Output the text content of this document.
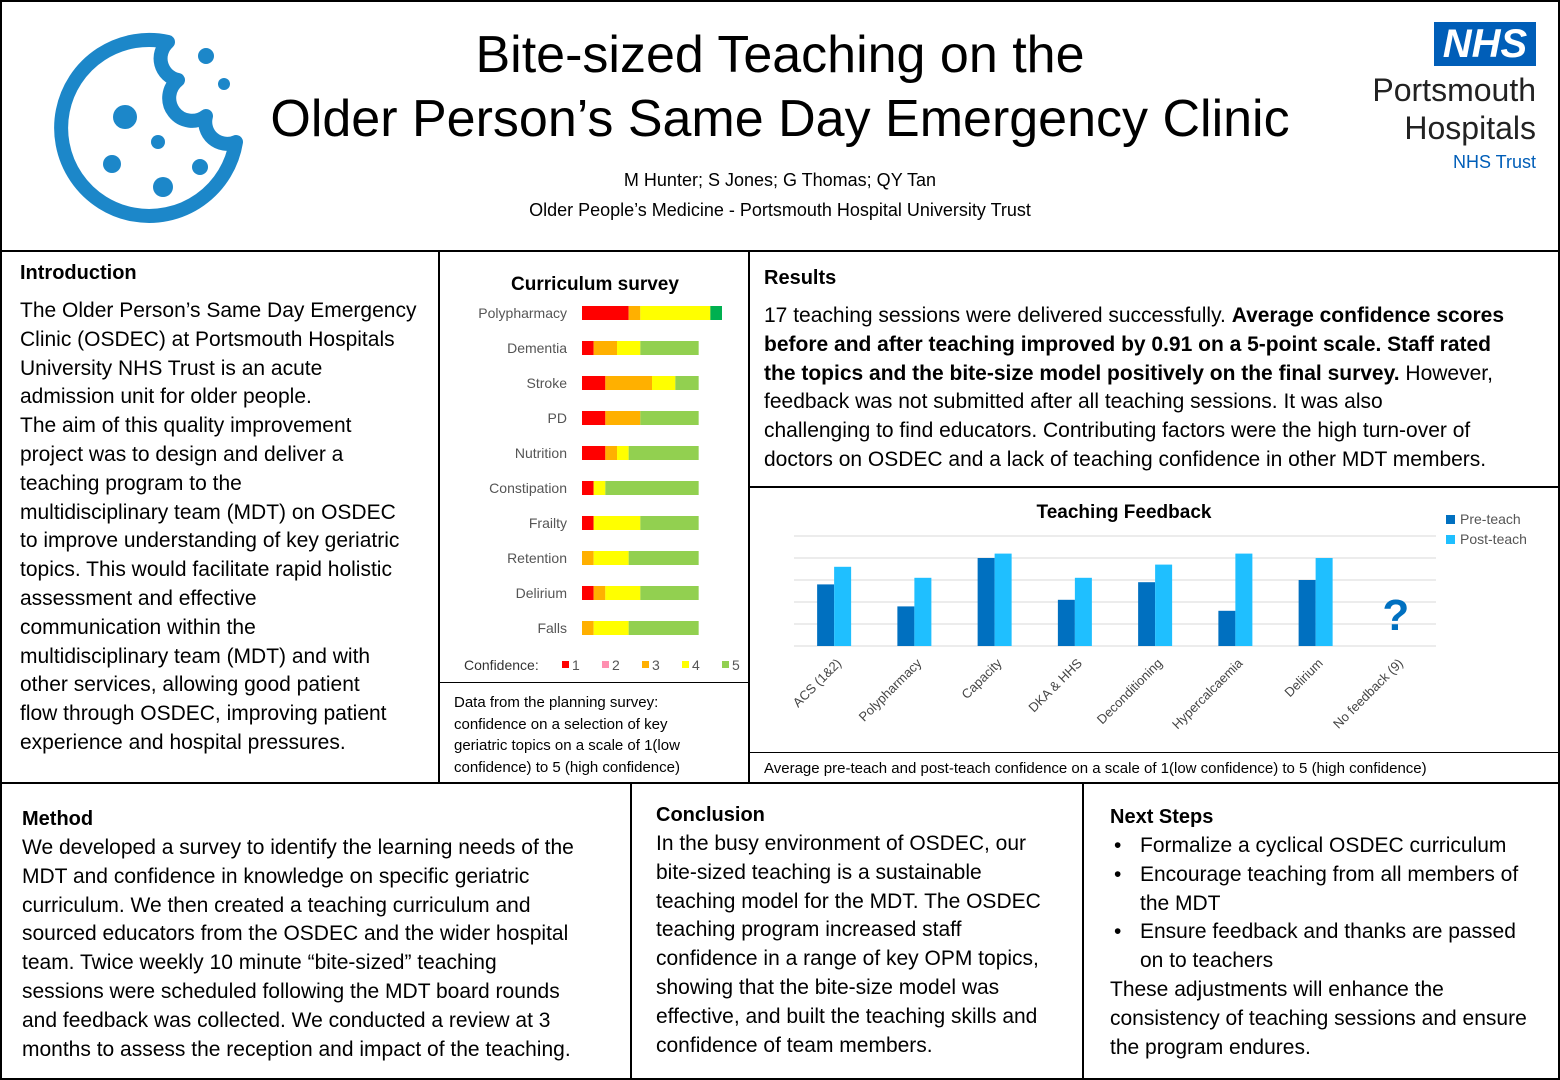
Bite-sized Teaching on the
Older Person’s Same Day Emergency Clinic
M Hunter; S Jones; G Thomas; QY Tan
Older People’s Medicine - Portsmouth Hospital University Trust
NHS
Portsmouth
Hospitals
NHS Trust
Introduction
The Older Person’s Same Day Emergency
Clinic (OSDEC) at Portsmouth Hospitals
University NHS Trust is an acute
admission unit for older people.
The aim of this quality improvement
project was to design and deliver a
teaching program to the
multidisciplinary team (MDT) on OSDEC
to improve understanding of key geriatric
topics. This would facilitate rapid holistic
assessment and effective
communication within the
multidisciplinary team (MDT) and with
other services, allowing good patient
flow through OSDEC, improving patient
experience and hospital pressures.
Curriculum survey
Polypharmacy
Dementia
Stroke
PD
Nutrition
Constipation
Frailty
Retention
Delirium
Falls
Confidence: 1 2 3 4 5
Data from the planning survey:
confidence on a selection of key
geriatric topics on a scale of 1(low
confidence) to 5 (high confidence)
Results
17 teaching sessions were delivered successfully. Average confidence scores
before and after teaching improved by 0.91 on a 5-point scale. Staff rated
the topics and the bite-size model positively on the final survey. However,
feedback was not submitted after all teaching sessions. It was also
challenging to find educators. Contributing factors were the high turn-over of
doctors on OSDEC and a lack of teaching confidence in other MDT members.
Teaching Feedback
ACS (1&2) Polypharmacy	Capacity DKA & HHS Deconditioning Hypercalcaemia	Delirium No feedback (9)
?
Pre-teach
Post-teach
Average pre-teach and post-teach confidence on a scale of 1(low confidence) to 5 (high confidence)
Method
We developed a survey to identify the learning needs of the
MDT and confidence in knowledge on specific geriatric
curriculum. We then created a teaching curriculum and
sourced educators from the OSDEC and the wider hospital
team. Twice weekly 10 minute “bite-sized” teaching
sessions were scheduled following the MDT board rounds
and feedback was collected. We conducted a review at 3
months to assess the reception and impact of the teaching.
Conclusion
In the busy environment of OSDEC, our
bite-sized teaching is a sustainable
teaching model for the MDT. The OSDEC
teaching program increased staff
confidence in a range of key OPM topics,
showing that the bite-size model was
effective, and built the teaching skills and
confidence of team members.
Next Steps
• Formalize a cyclical OSDEC curriculum
• Encourage teaching from all members of
the MDT
• Ensure feedback and thanks are passed
on to teachers
These adjustments will enhance the
consistency of teaching sessions and ensure
the program endures.
